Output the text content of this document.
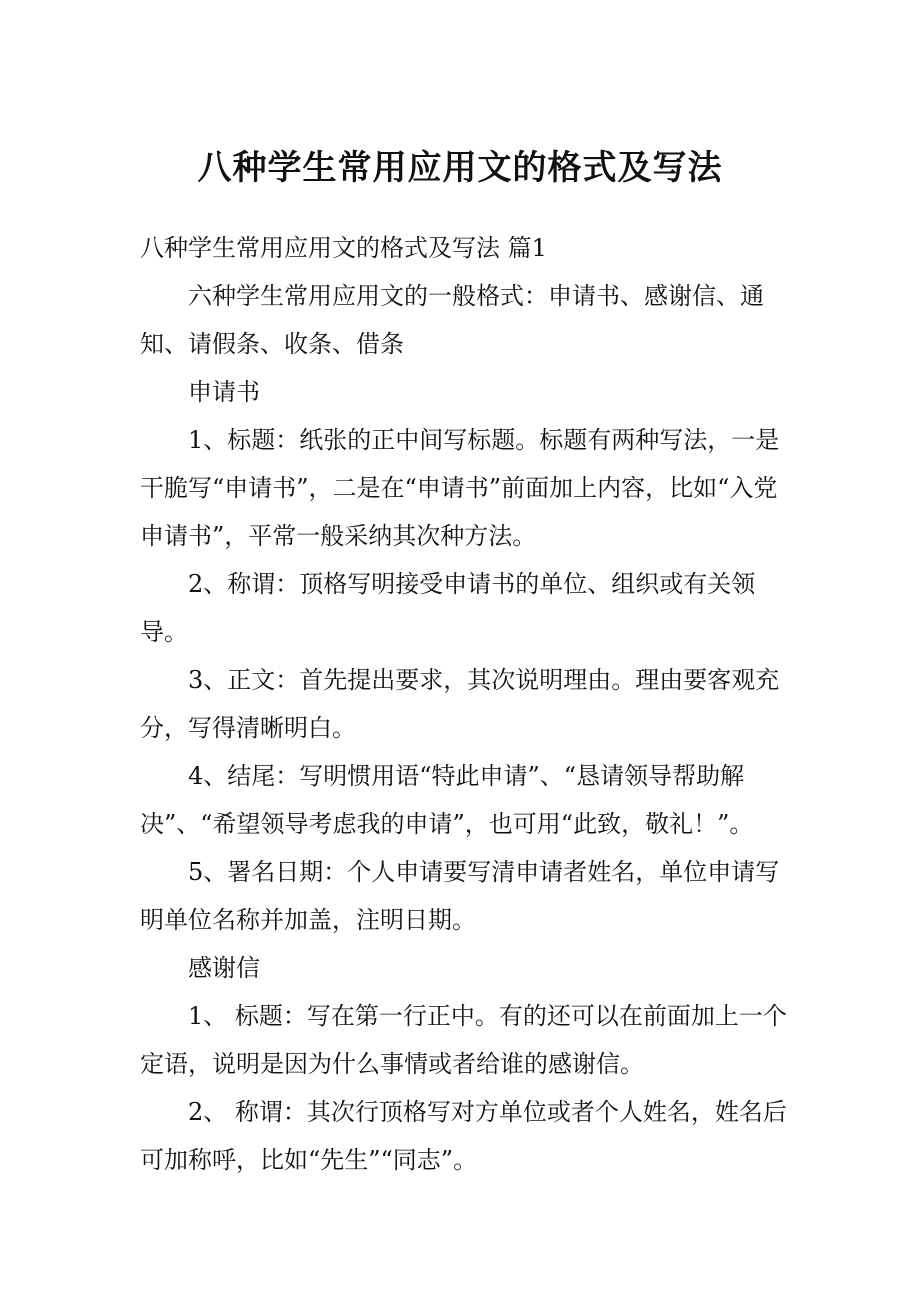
八种学生常用应用文的格式及写法

八种学生常用应用文的格式及写法 篇1

六种学生常用应用文的一般格式：申请书、感谢信、通知、请假条、收条、借条

申请书

1、标题：纸张的正中间写标题。标题有两种写法，一是干脆写“申请书”，二是在“申请书”前面加上内容，比如“入党申请书”，平常一般采纳其次种方法。

2、称谓：顶格写明接受申请书的单位、组织或有关领导。

3、正文：首先提出要求，其次说明理由。理由要客观充分，写得清晰明白。

4、结尾：写明惯用语“特此申请”、“恳请领导帮助解决”、“希望领导考虑我的申请”，也可用“此致，敬礼！”。

5、署名日期：个人申请要写清申请者姓名，单位申请写明单位名称并加盖，注明日期。

感谢信

1、 标题：写在第一行正中。有的还可以在前面加上一个定语，说明是因为什么事情或者给谁的感谢信。

2、 称谓：其次行顶格写对方单位或者个人姓名，姓名后可加称呼，比如“先生”“同志”。
